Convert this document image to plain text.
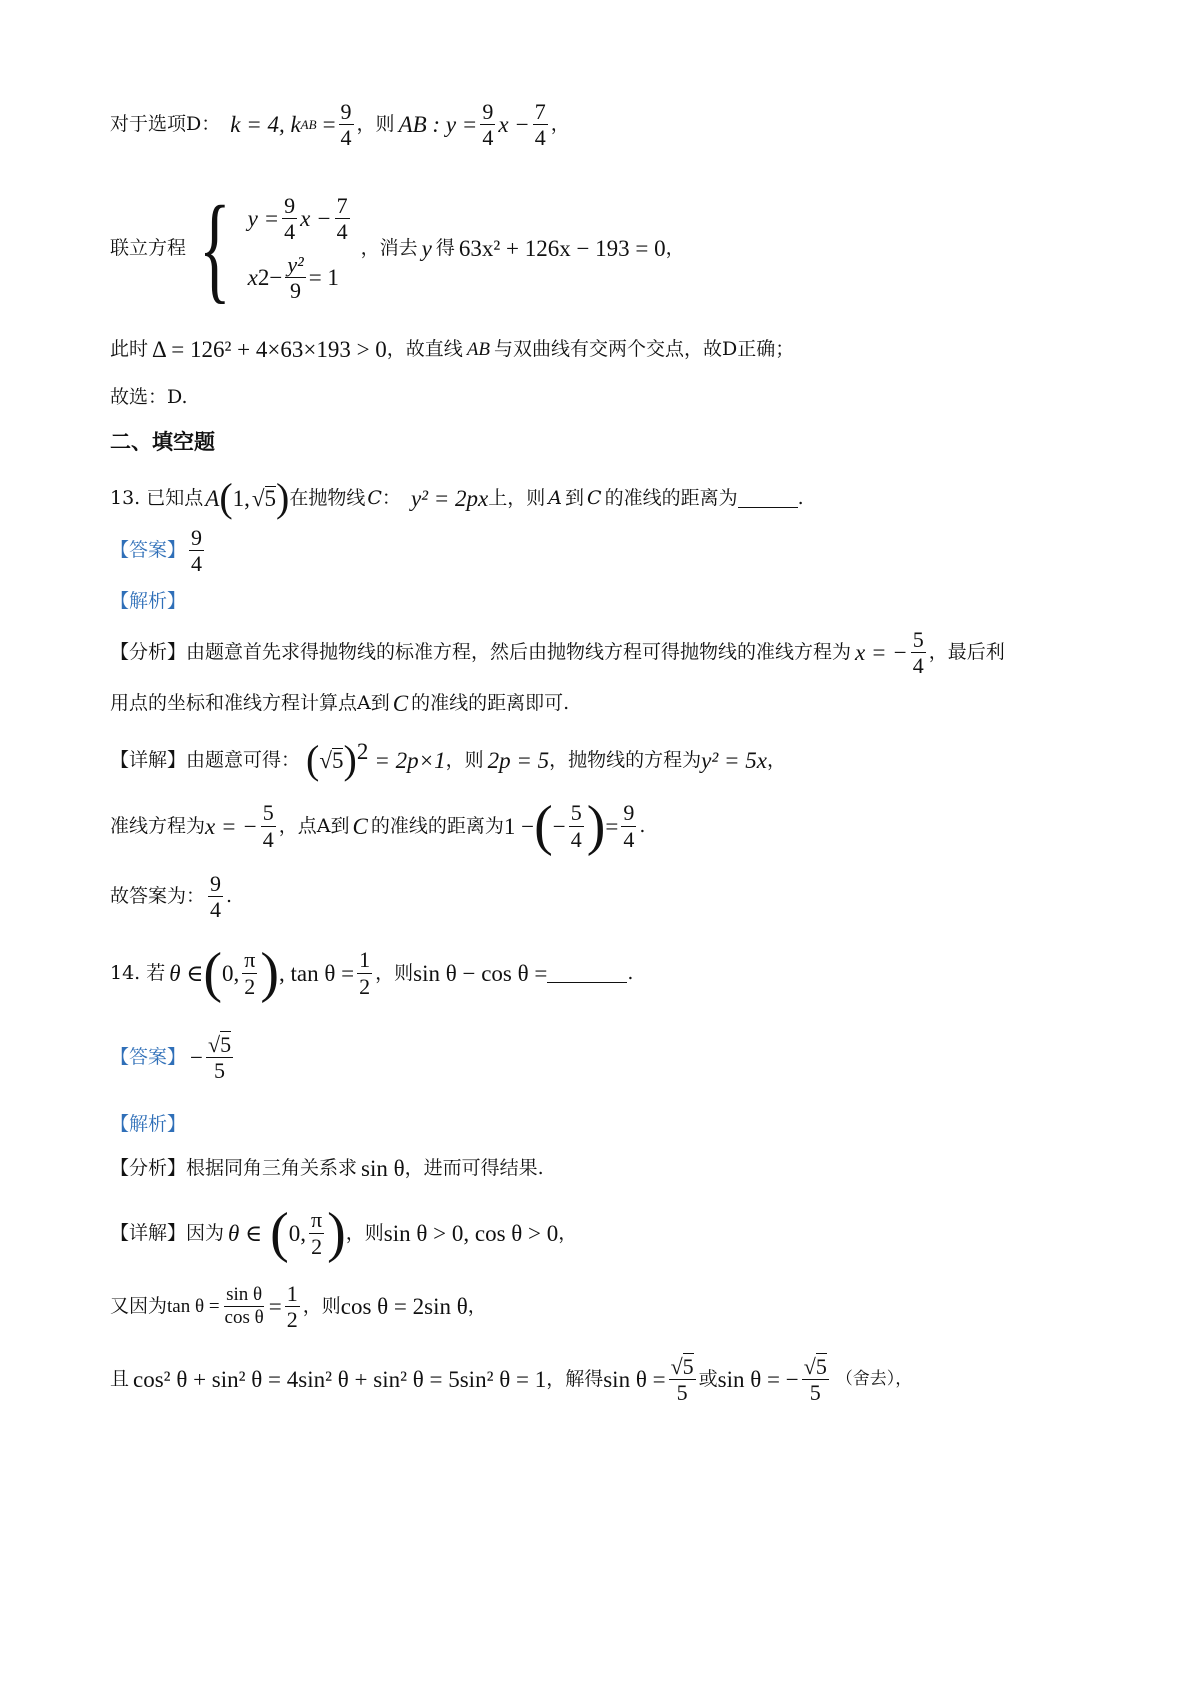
对于选项D： k = 4, k AB = $\frac{9}{4}$ ，则 AB : $y = \frac{9}{4}$ $x - \frac{7}{4}$ ，
联立方程 { $y = \frac{9}{4}$ $x - \frac{7}{4}$
x $2 - \frac{\text{y²}}{9} = 1$
，消去 y 得 63x² + 126x − 193 = 0 ，
此时 Δ = 126² + 4×63×193 > 0 ，故直线 AB 与双曲线有交两个交点，故D正确；
故选：D.
二、填空题
13. 已知点 A ( 1, √ 5 ) 在抛物线 C ： y² = 2px 上，则 A 到 C 的准线的距离为	.
【答案】 $\frac{9}{4}$
【解析】
【分析】 由题意首先求得抛物线的标准方程，然后由抛物线方程可得抛物线的准线方程为 x = − $\frac{5}{4}$ ，最后利
用点的坐标和准线方程计算点A到 C 的准线的距离即可.
【详解】 由题意可得： ( √ 5 ) 2 = 2p×1 ，则 2p = 5 ，抛物线的方程为 y² = 5x ，
准线方程为 x = − $\frac{5}{4}$ ，点A到 C 的准线的距离为 1 − ( − $\frac{5}{4}$ ) = $\frac{9}{4}$ .
故答案为： $\frac{9}{4}$ .
14. 若 θ ∈ ( 0, $\frac{\pi}{2}$ ) , $\tan \theta = \frac{1}{2}$ ，则 sin θ − cos θ =	.
【答案】 − $\frac{√5}{5}$
【解析】
【分析】 根据同角三角关系求 sin θ ，进而可得结果.
【详解】 因为 θ ∈ ( 0, $\frac{\pi}{2}$ ) ，则 sin θ > 0, cos θ > 0 ，
又因为 $\tan \theta = \frac{\text{sin θ}}{\text{cos θ}} = \frac{1}{2}$ ，则 cos θ = 2sin θ ，
且 cos² θ + sin² θ = 4sin² θ + sin² θ = 5sin² θ = 1 ，解得 $\sin \theta = \frac{√5}{5}$ 或 sin θ = − $\frac{√5}{5}$ （舍去），
